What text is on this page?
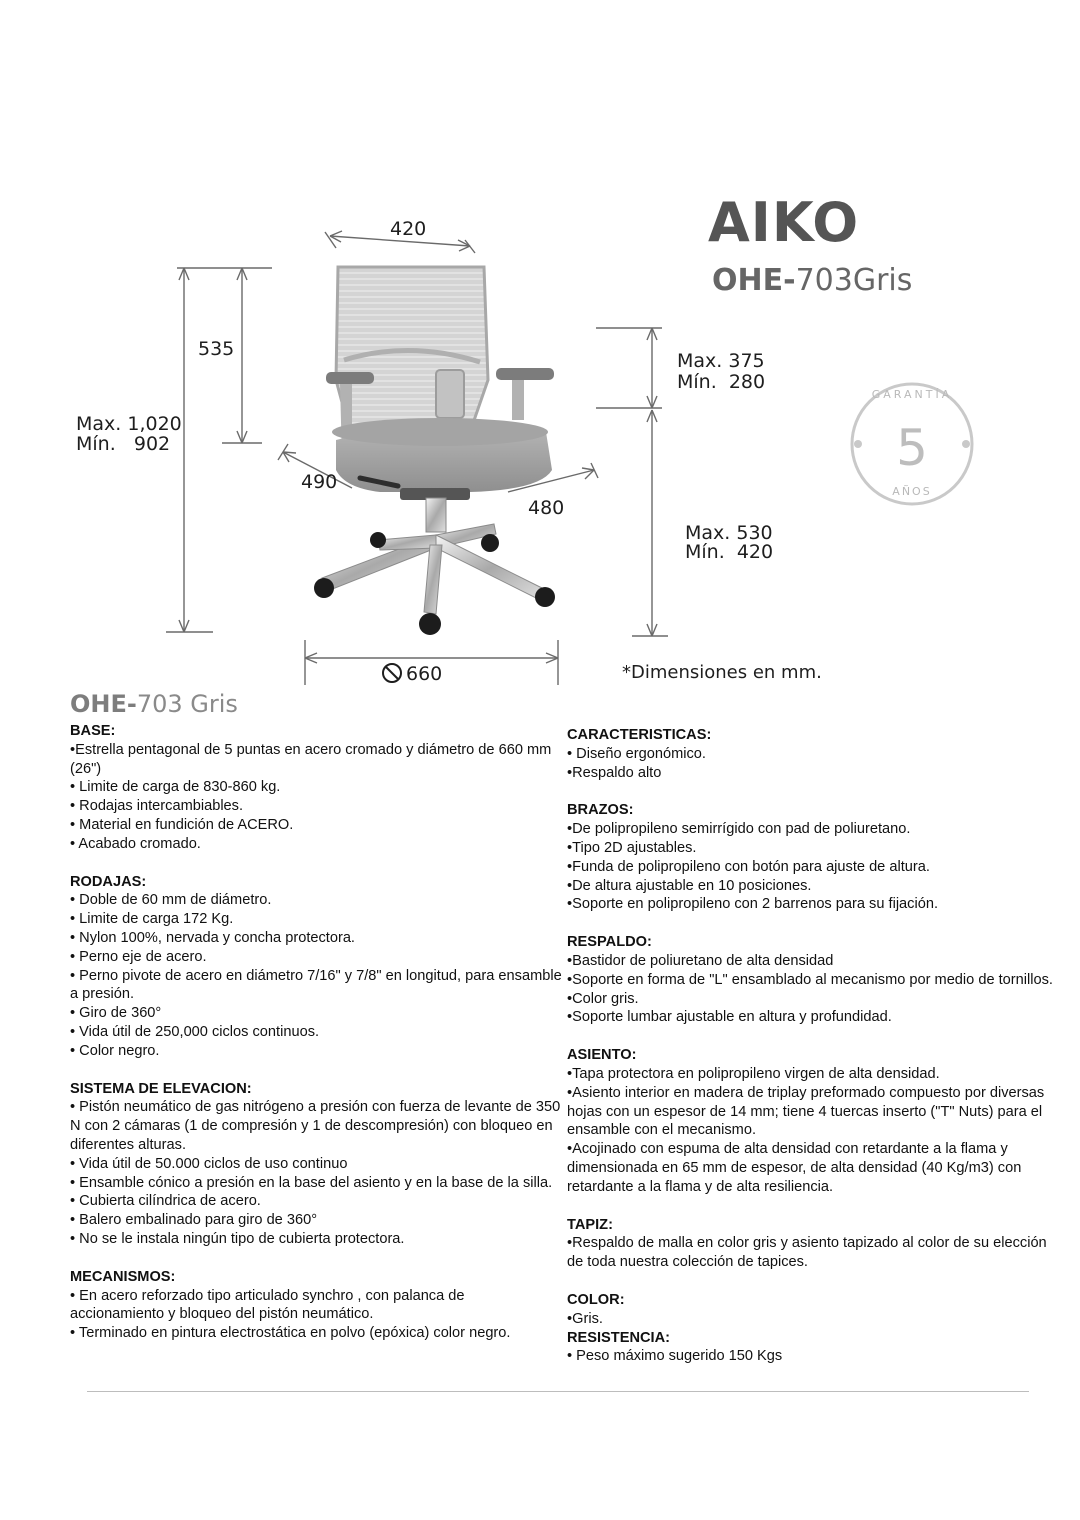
420
535
Max. 1,020
Mín.   902
Max. 375
Mín.  280
490
480
Max. 530
Mín.  420
660
GARANTÍA
5
AÑOS
AIKO
OHE-703Gris
*Dimensiones en mm.
OHE-703 Gris
BASE:

•Estrella pentagonal de 5 puntas en acero cromado y diámetro de 660 mm (26")

• Limite de carga de 830-860 kg.

• Rodajas intercambiables.

• Material en fundición de ACERO.

• Acabado cromado.

RODAJAS:

• Doble de 60 mm de diámetro.

• Limite de carga 172 Kg.

• Nylon 100%, nervada y concha protectora.

• Perno eje de acero.

• Perno pivote de acero en diámetro 7/16" y 7/8" en longitud, para ensamble a presión.

• Giro de 360°

• Vida útil de 250,000 ciclos continuos.

• Color negro.

SISTEMA DE ELEVACION:

• Pistón neumático de gas nitrógeno a presión con fuerza de levante de 350 N con 2 cámaras (1 de compresión y 1 de descompresión) con bloqueo en diferentes alturas.

• Vida útil de 50.000 ciclos de uso continuo

• Ensamble cónico a presión en la base del asiento y en la base de la silla.

• Cubierta cilíndrica de acero.

• Balero embalinado para giro de 360°

• No se le instala ningún tipo de cubierta protectora.

MECANISMOS:

• En acero reforzado tipo articulado synchro , con palanca de accionamiento y bloqueo del pistón neumático.

• Terminado en pintura electrostática en polvo (epóxica) color negro.

CARACTERISTICAS:

• Diseño ergonómico.

•Respaldo alto

BRAZOS:

•De polipropileno semirrígido con pad de poliuretano.

•Tipo 2D ajustables.

•Funda de polipropileno con botón para ajuste de altura.

•De altura ajustable en 10 posiciones.

•Soporte en polipropileno con 2 barrenos para su fijación.

RESPALDO:

•Bastidor de poliuretano de alta densidad

•Soporte en forma de "L" ensamblado al mecanismo por medio de tornillos.

•Color gris.

•Soporte lumbar ajustable en altura y profundidad.

ASIENTO:

•Tapa protectora en polipropileno virgen de alta densidad.

•Asiento interior en madera de triplay preformado compuesto por diversas hojas con un espesor de 14 mm; tiene 4 tuercas inserto ("T" Nuts) para el ensamble con el mecanismo.

•Acojinado con espuma de alta densidad con retardante a la flama y dimensionada en 65 mm de espesor, de alta densidad (40 Kg/m3) con retardante a la flama y de alta resiliencia.

TAPIZ:

•Respaldo de malla en color gris y asiento tapizado al color de su elección de toda nuestra colección de tapices.

COLOR:

•Gris.

RESISTENCIA:

• Peso máximo sugerido 150 Kgs
